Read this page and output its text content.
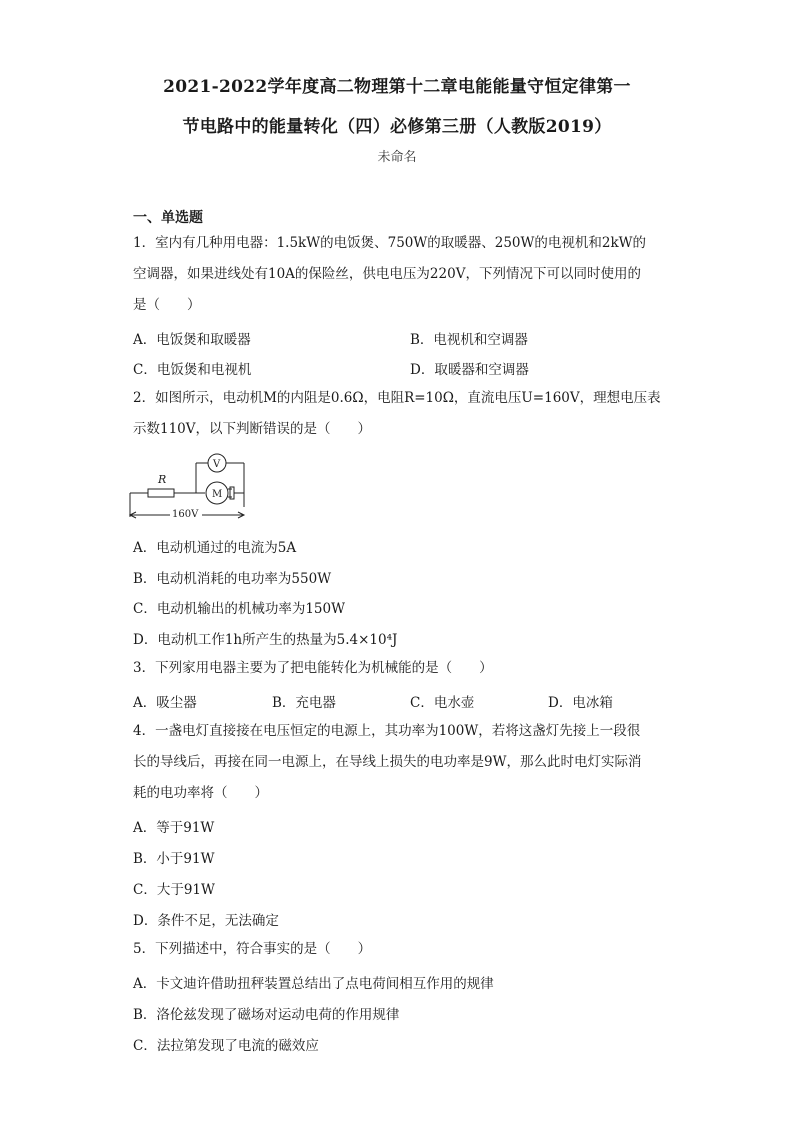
2021-2022学年度高二物理第十二章电能能量守恒定律第一
节电路中的能量转化（四）必修第三册（人教版2019）
未命名
一、单选题
1．室内有几种用电器：1.5kW的电饭煲、750W的取暖器、250W的电视机和2kW的
空调器，如果进线处有10A的保险丝，供电电压为220V，下列情况下可以同时使用的
是（　　）
A．电饭煲和取暖器	B．电视机和空调器
C．电饭煲和电视机	D．取暖器和空调器
2．如图所示，电动机M的内阻是0.6Ω，电阻R=10Ω，直流电压U=160V，理想电压表
示数110V，以下判断错误的是（　　）
R
V
M
160V
A．电动机通过的电流为5A
B．电动机消耗的电功率为550W
C．电动机输出的机械功率为150W
D．电动机工作1h所产生的热量为5.4×10⁴J
3．下列家用电器主要为了把电能转化为机械能的是（　　）
A．吸尘器	B．充电器	C．电水壶	D．电冰箱
4．一盏电灯直接接在电压恒定的电源上，其功率为100W，若将这盏灯先接上一段很
长的导线后，再接在同一电源上，在导线上损失的电功率是9W，那么此时电灯实际消
耗的电功率将（　　）
A．等于91W
B．小于91W
C．大于91W
D．条件不足，无法确定
5．下列描述中，符合事实的是（　　）
A．卡文迪许借助扭秤装置总结出了点电荷间相互作用的规律
B．洛伦兹发现了磁场对运动电荷的作用规律
C．法拉第发现了电流的磁效应
